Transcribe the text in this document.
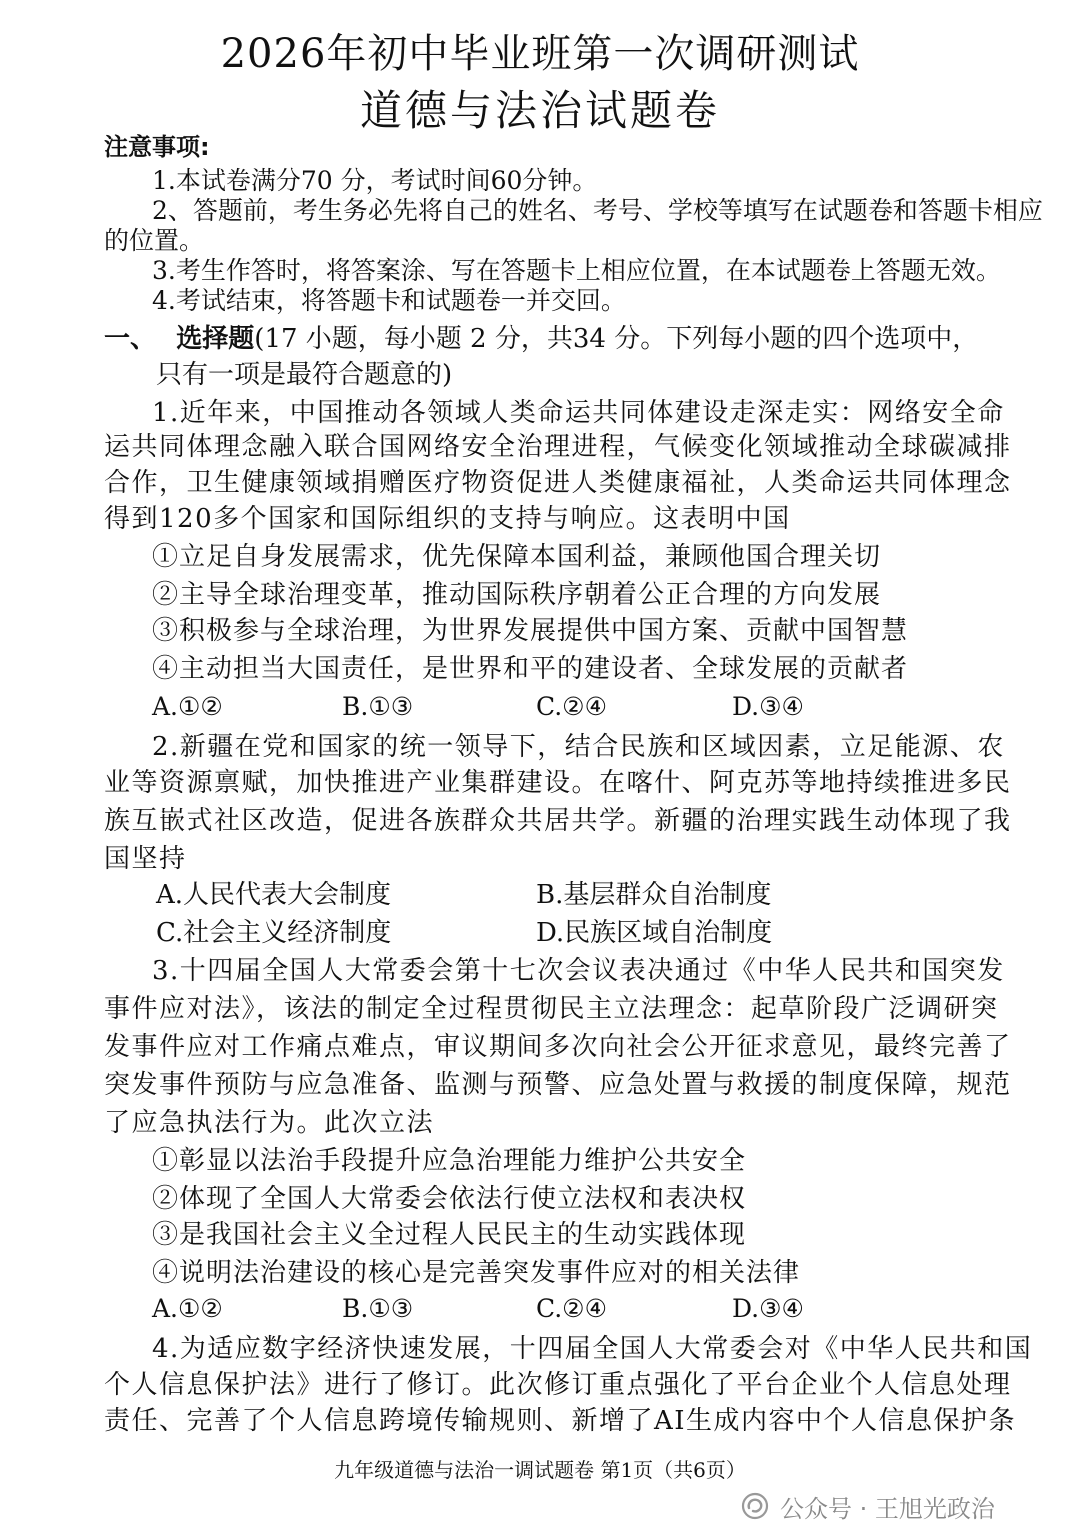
2026年初中毕业班第一次调研测试
道德与法治试题卷
注意事项:
1.本试卷满分70 分，考试时间60分钟。
2、答题前，考生务必先将自己的姓名、考号、学校等填写在试题卷和答题卡相应
的位置。
3.考生作答时，将答案涂、写在答题卡上相应位置，在本试题卷上答题无效。
4.考试结束，将答题卡和试题卷一并交回。
一、 选择题(17 小题，每小题 2 分，共34 分。下列每小题的四个选项中，
只有一项是最符合题意的)
1.近年来，中国推动各领域人类命运共同体建设走深走实：网络安全命
运共同体理念融入联合国网络安全治理进程，气候变化领域推动全球碳减排
合作，卫生健康领域捐赠医疗物资促进人类健康福祉，人类命运共同体理念
得到120多个国家和国际组织的支持与响应。这表明中国
①立足自身发展需求，优先保障本国利益，兼顾他国合理关切
②主导全球治理变革，推动国际秩序朝着公正合理的方向发展
③积极参与全球治理，为世界发展提供中国方案、贡献中国智慧
④主动担当大国责任，是世界和平的建设者、全球发展的贡献者
A.①②	B.①③	C.②④	D.③④
2.新疆在党和国家的统一领导下，结合民族和区域因素，立足能源、农
业等资源禀赋，加快推进产业集群建设。在喀什、阿克苏等地持续推进多民
族互嵌式社区改造，促进各族群众共居共学。新疆的治理实践生动体现了我
国坚持
A.人民代表大会制度	B.基层群众自治制度
C.社会主义经济制度	D.民族区域自治制度
3.十四届全国人大常委会第十七次会议表决通过《中华人民共和国突发
事件应对法》，该法的制定全过程贯彻民主立法理念：起草阶段广泛调研突
发事件应对工作痛点难点，审议期间多次向社会公开征求意见，最终完善了
突发事件预防与应急准备、监测与预警、应急处置与救援的制度保障，规范
了应急执法行为。此次立法
①彰显以法治手段提升应急治理能力维护公共安全
②体现了全国人大常委会依法行使立法权和表决权
③是我国社会主义全过程人民民主的生动实践体现
④说明法治建设的核心是完善突发事件应对的相关法律
A.①②	B.①③	C.②④	D.③④
4.为适应数字经济快速发展，十四届全国人大常委会对《中华人民共和国
个人信息保护法》进行了修订。此次修订重点强化了平台企业个人信息处理
责任、完善了个人信息跨境传输规则、新增了AI生成内容中个人信息保护条
九年级道德与法治一调试题卷 第1页（共6页）
公众号 · 王旭光政治
